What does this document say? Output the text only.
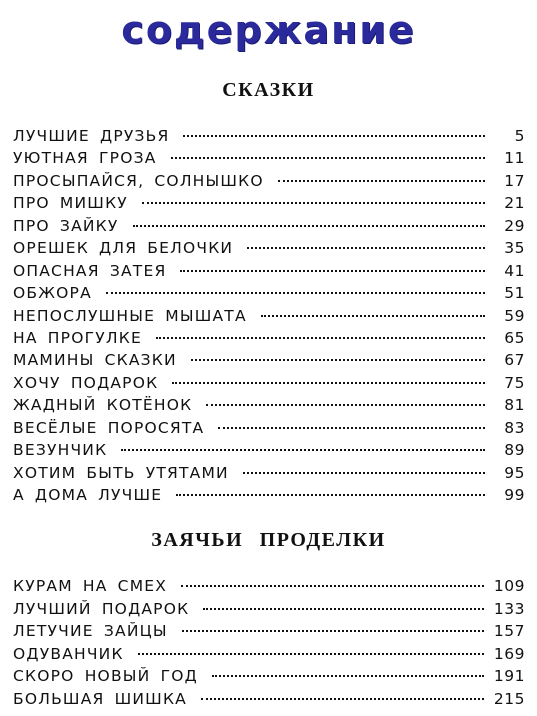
содержание
СКАЗКИ
ЛУЧШИЕ ДРУЗЬЯ	5
УЮТНАЯ ГРОЗА	11
ПРОСЫПАЙСЯ, СОЛНЫШКО	17
ПРО МИШКУ	21
ПРО ЗАЙКУ	29
ОРЕШЕК ДЛЯ БЕЛОЧКИ	35
ОПАСНАЯ ЗАТЕЯ	41
ОБЖОРА	51
НЕПОСЛУШНЫЕ МЫШАТА	59
НА ПРОГУЛКЕ	65
МАМИНЫ СКАЗКИ	67
ХОЧУ ПОДАРОК	75
ЖАДНЫЙ КОТЁНОК	81
ВЕСЁЛЫЕ ПОРОСЯТА	83
ВЕЗУНЧИК	89
ХОТИМ БЫТЬ УТЯТАМИ	95
А ДОМА ЛУЧШЕ	99
ЗАЯЧЬИ ПРОДЕЛКИ
КУРАМ НА СМЕХ	109
ЛУЧШИЙ ПОДАРОК	133
ЛЕТУЧИЕ ЗАЙЦЫ	157
ОДУВАНЧИК	169
СКОРО НОВЫЙ ГОД	191
БОЛЬШАЯ ШИШКА	215
